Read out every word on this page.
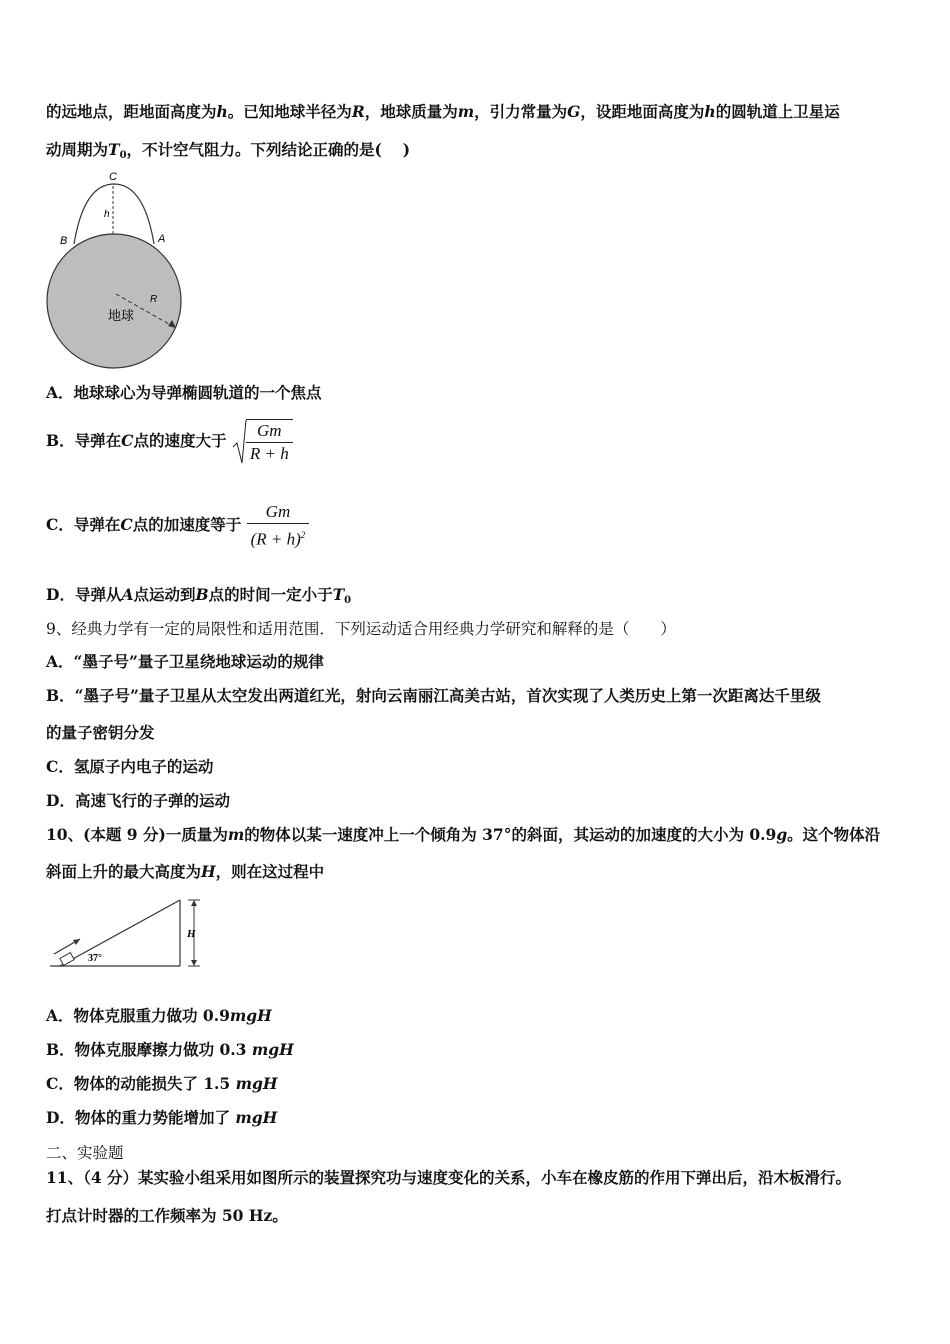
的远地点，距地面高度为h。已知地球半径为R，地球质量为m，引力常量为G，设距地面高度为h的圆轨道上卫星运
动周期为$T_0$，不计空气阻力。下列结论正确的是(　 )
C
B	A
h
R
地球
A．地球球心为导弹椭圆轨道的一个焦点
B．导弹在C点的速度大于 $\frac{Gm}{R + h}$
C．导弹在C点的加速度等于 $\frac{Gm}{(R + h)^2}$
D．导弹从A点运动到B点的时间一定小于$T_0$
9、经典力学有一定的局限性和适用范围．下列运动适合用经典力学研究和解释的是（　　）
A．“墨子号”量子卫星绕地球运动的规律
B．“墨子号”量子卫星从太空发出两道红光，射向云南丽江高美古站，首次实现了人类历史上第一次距离达千里级
的量子密钥分发
C．氢原子内电子的运动
D．高速飞行的子弹的运动
10、(本题 9 分)一质量为m的物体以某一速度冲上一个倾角为 37°的斜面，其运动的加速度的大小为 0.9g。这个物体沿
斜面上升的最大高度为H，则在这过程中
H
37°
A．物体克服重力做功 0.9mgH
B．物体克服摩擦力做功 0.3 mgH
C．物体的动能损失了 1.5 mgH
D．物体的重力势能增加了 mgH
二、实验题
11、（4 分）某实验小组采用如图所示的装置探究功与速度变化的关系，小车在橡皮筋的作用下弹出后，沿木板滑行。
打点计时器的工作频率为 50 Hz。
